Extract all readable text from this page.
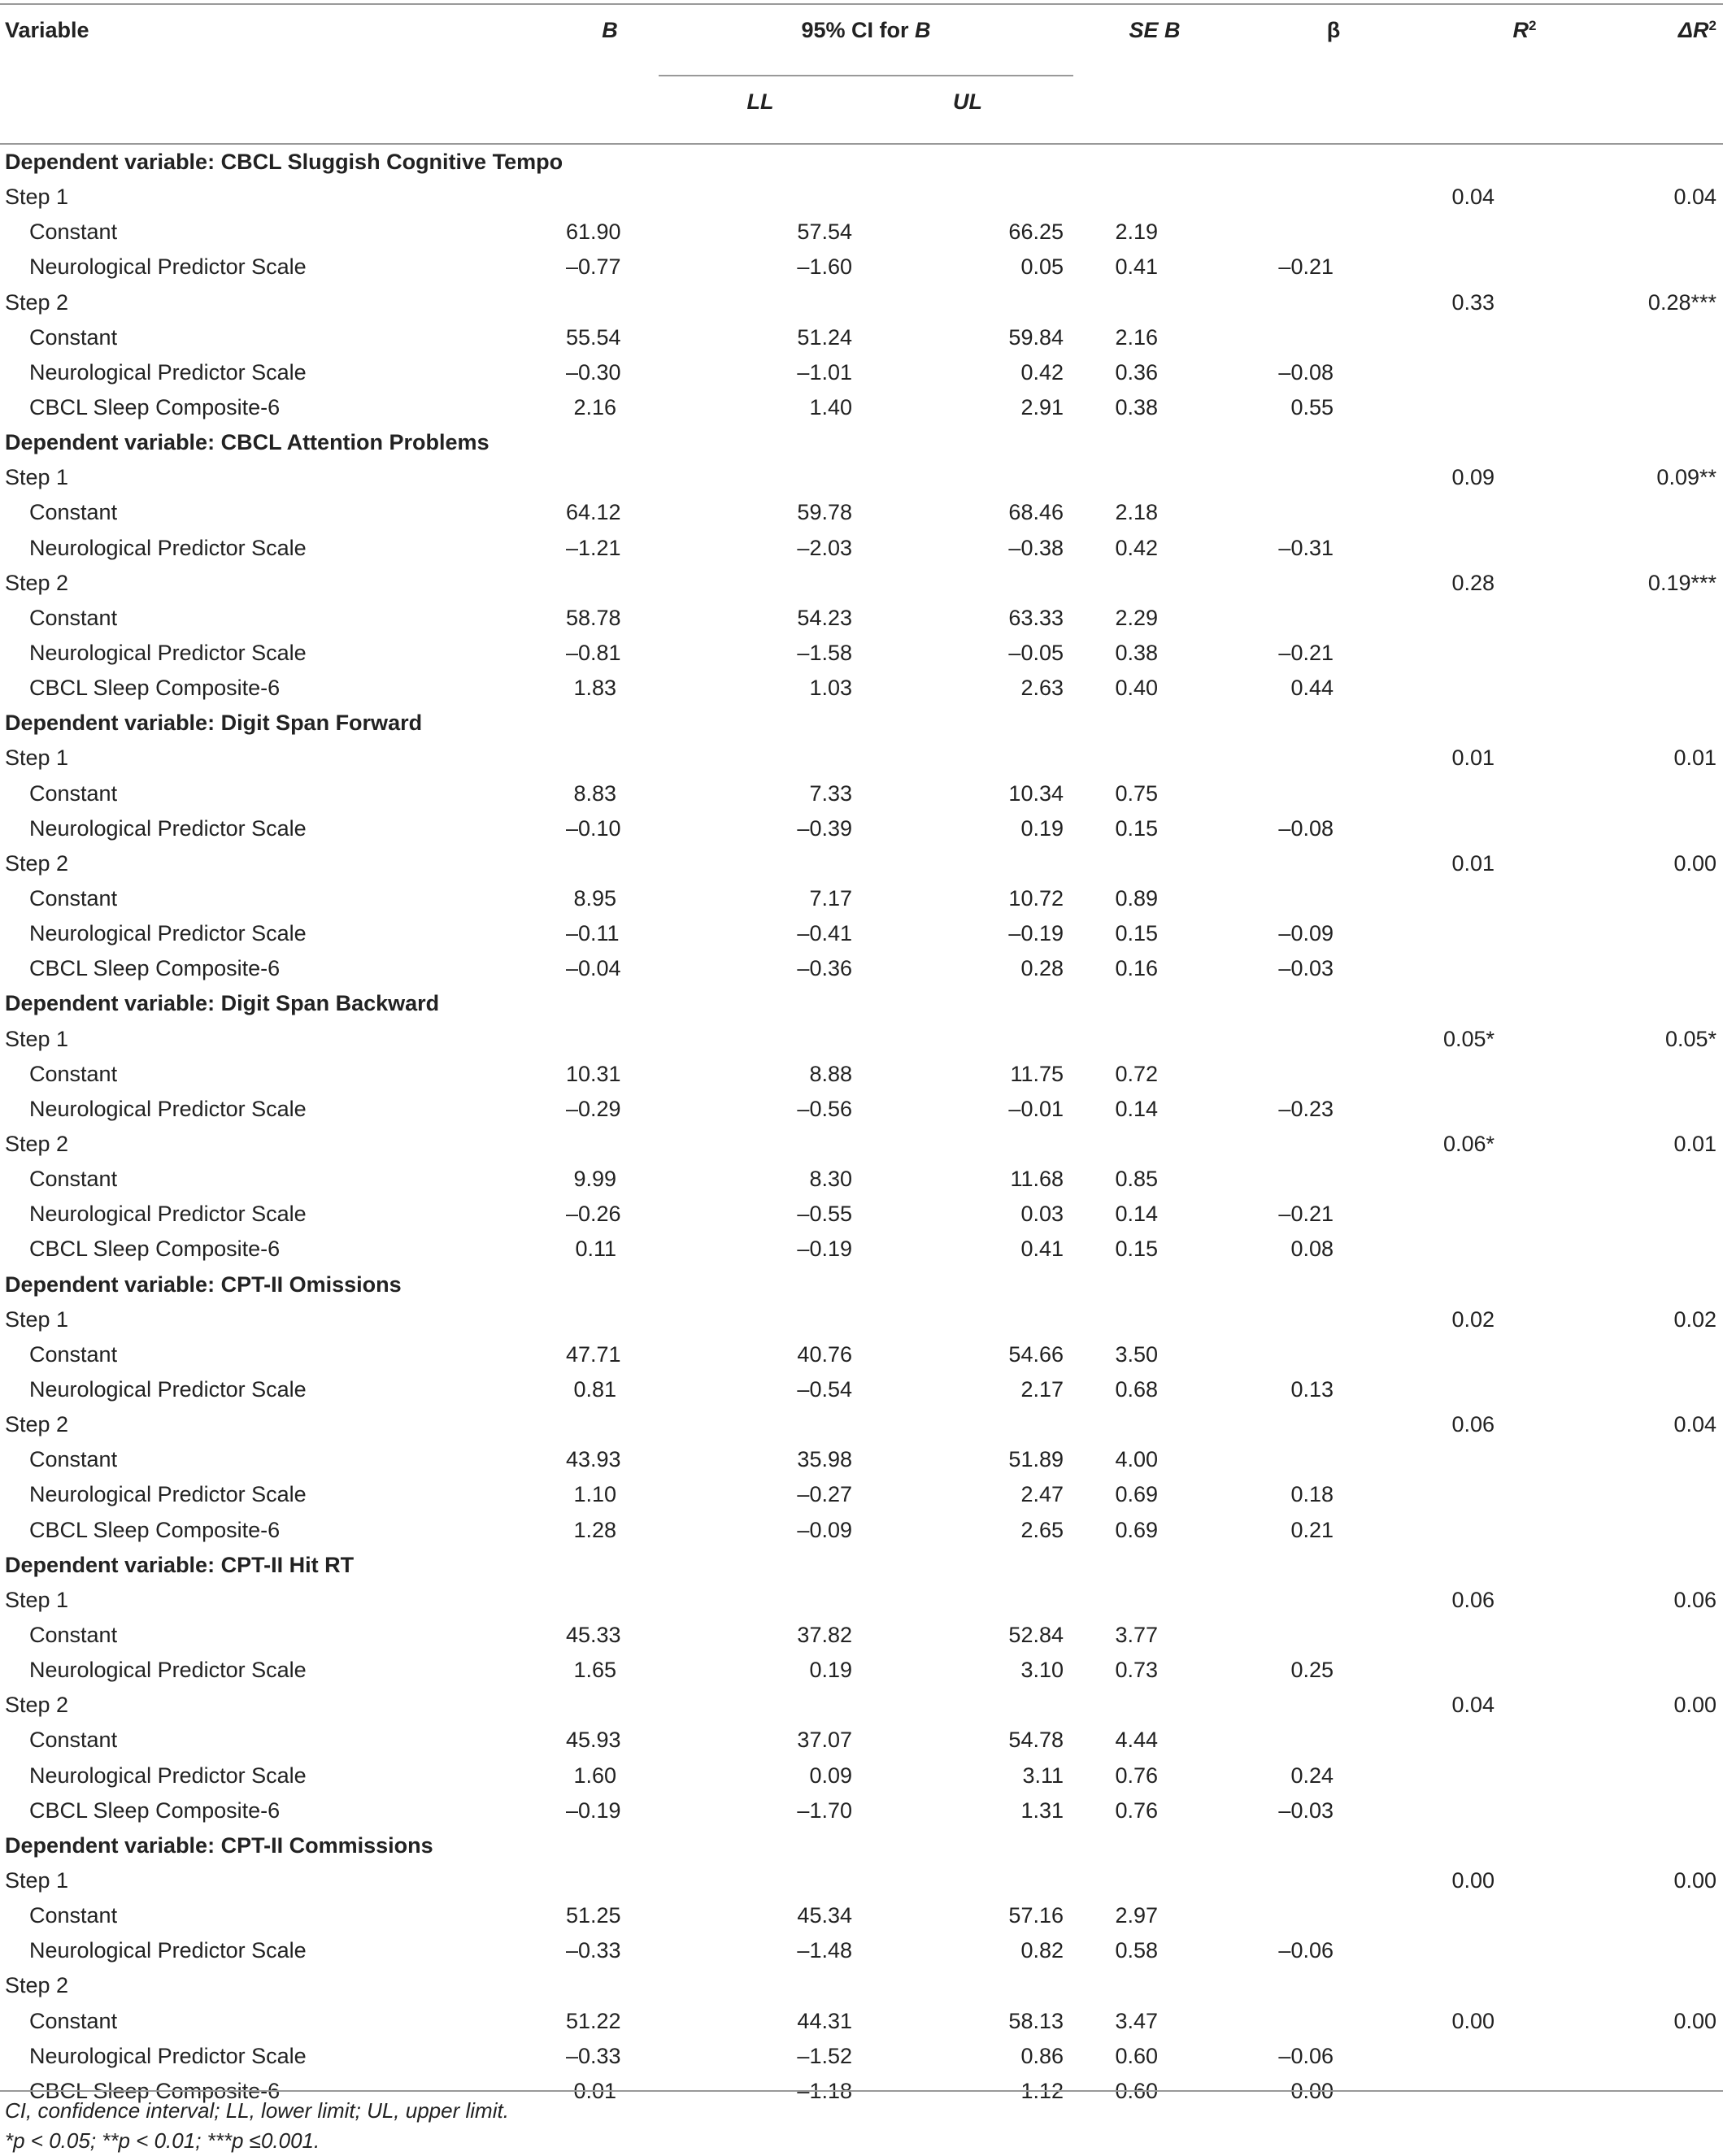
Variable	B	95% CI for B		SE B	β	$R^2$	$\Delta R^2$
		LL	UL				
Dependent variable: CBCL Sluggish Cognitive Tempo							
Step 1						0.04	0.04
Constant	61.90	57.54	66.25	2.19			
Neurological Predictor Scale	–0.77	–1.60	0.05	0.41	–0.21		
Step 2						0.33	0.28***
Constant	55.54	51.24	59.84	2.16			
Neurological Predictor Scale	–0.30	–1.01	0.42	0.36	–0.08		
CBCL Sleep Composite-6	2.16	1.40	2.91	0.38	0.55		
Dependent variable: CBCL Attention Problems							
Step 1						0.09	0.09**
Constant	64.12	59.78	68.46	2.18			
Neurological Predictor Scale	–1.21	–2.03	–0.38	0.42	–0.31		
Step 2						0.28	0.19***
Constant	58.78	54.23	63.33	2.29			
Neurological Predictor Scale	–0.81	–1.58	–0.05	0.38	–0.21		
CBCL Sleep Composite-6	1.83	1.03	2.63	0.40	0.44		
Dependent variable: Digit Span Forward							
Step 1						0.01	0.01
Constant	8.83	7.33	10.34	0.75			
Neurological Predictor Scale	–0.10	–0.39	0.19	0.15	–0.08		
Step 2						0.01	0.00
Constant	8.95	7.17	10.72	0.89			
Neurological Predictor Scale	–0.11	–0.41	–0.19	0.15	–0.09		
CBCL Sleep Composite-6	–0.04	–0.36	0.28	0.16	–0.03		
Dependent variable: Digit Span Backward							
Step 1						0.05*	0.05*
Constant	10.31	8.88	11.75	0.72			
Neurological Predictor Scale	–0.29	–0.56	–0.01	0.14	–0.23		
Step 2						0.06*	0.01
Constant	9.99	8.30	11.68	0.85			
Neurological Predictor Scale	–0.26	–0.55	0.03	0.14	–0.21		
CBCL Sleep Composite-6	0.11	–0.19	0.41	0.15	0.08		
Dependent variable: CPT-II Omissions							
Step 1						0.02	0.02
Constant	47.71	40.76	54.66	3.50			
Neurological Predictor Scale	0.81	–0.54	2.17	0.68	0.13		
Step 2						0.06	0.04
Constant	43.93	35.98	51.89	4.00			
Neurological Predictor Scale	1.10	–0.27	2.47	0.69	0.18		
CBCL Sleep Composite-6	1.28	–0.09	2.65	0.69	0.21		
Dependent variable: CPT-II Hit RT							
Step 1						0.06	0.06
Constant	45.33	37.82	52.84	3.77			
Neurological Predictor Scale	1.65	0.19	3.10	0.73	0.25		
Step 2						0.04	0.00
Constant	45.93	37.07	54.78	4.44			
Neurological Predictor Scale	1.60	0.09	3.11	0.76	0.24		
CBCL Sleep Composite-6	–0.19	–1.70	1.31	0.76	–0.03		
Dependent variable: CPT-II Commissions							
Step 1						0.00	0.00
Constant	51.25	45.34	57.16	2.97			
Neurological Predictor Scale	–0.33	–1.48	0.82	0.58	–0.06		
Step 2							
Constant	51.22	44.31	58.13	3.47		0.00	0.00
Neurological Predictor Scale	–0.33	–1.52	0.86	0.60	–0.06		
CBCL Sleep Composite-6	0.01	–1.18	1.12	0.60	0.00		
CI, confidence interval; LL, lower limit; UL, upper limit.
*p < 0.05; **p < 0.01; ***p ≤0.001.
